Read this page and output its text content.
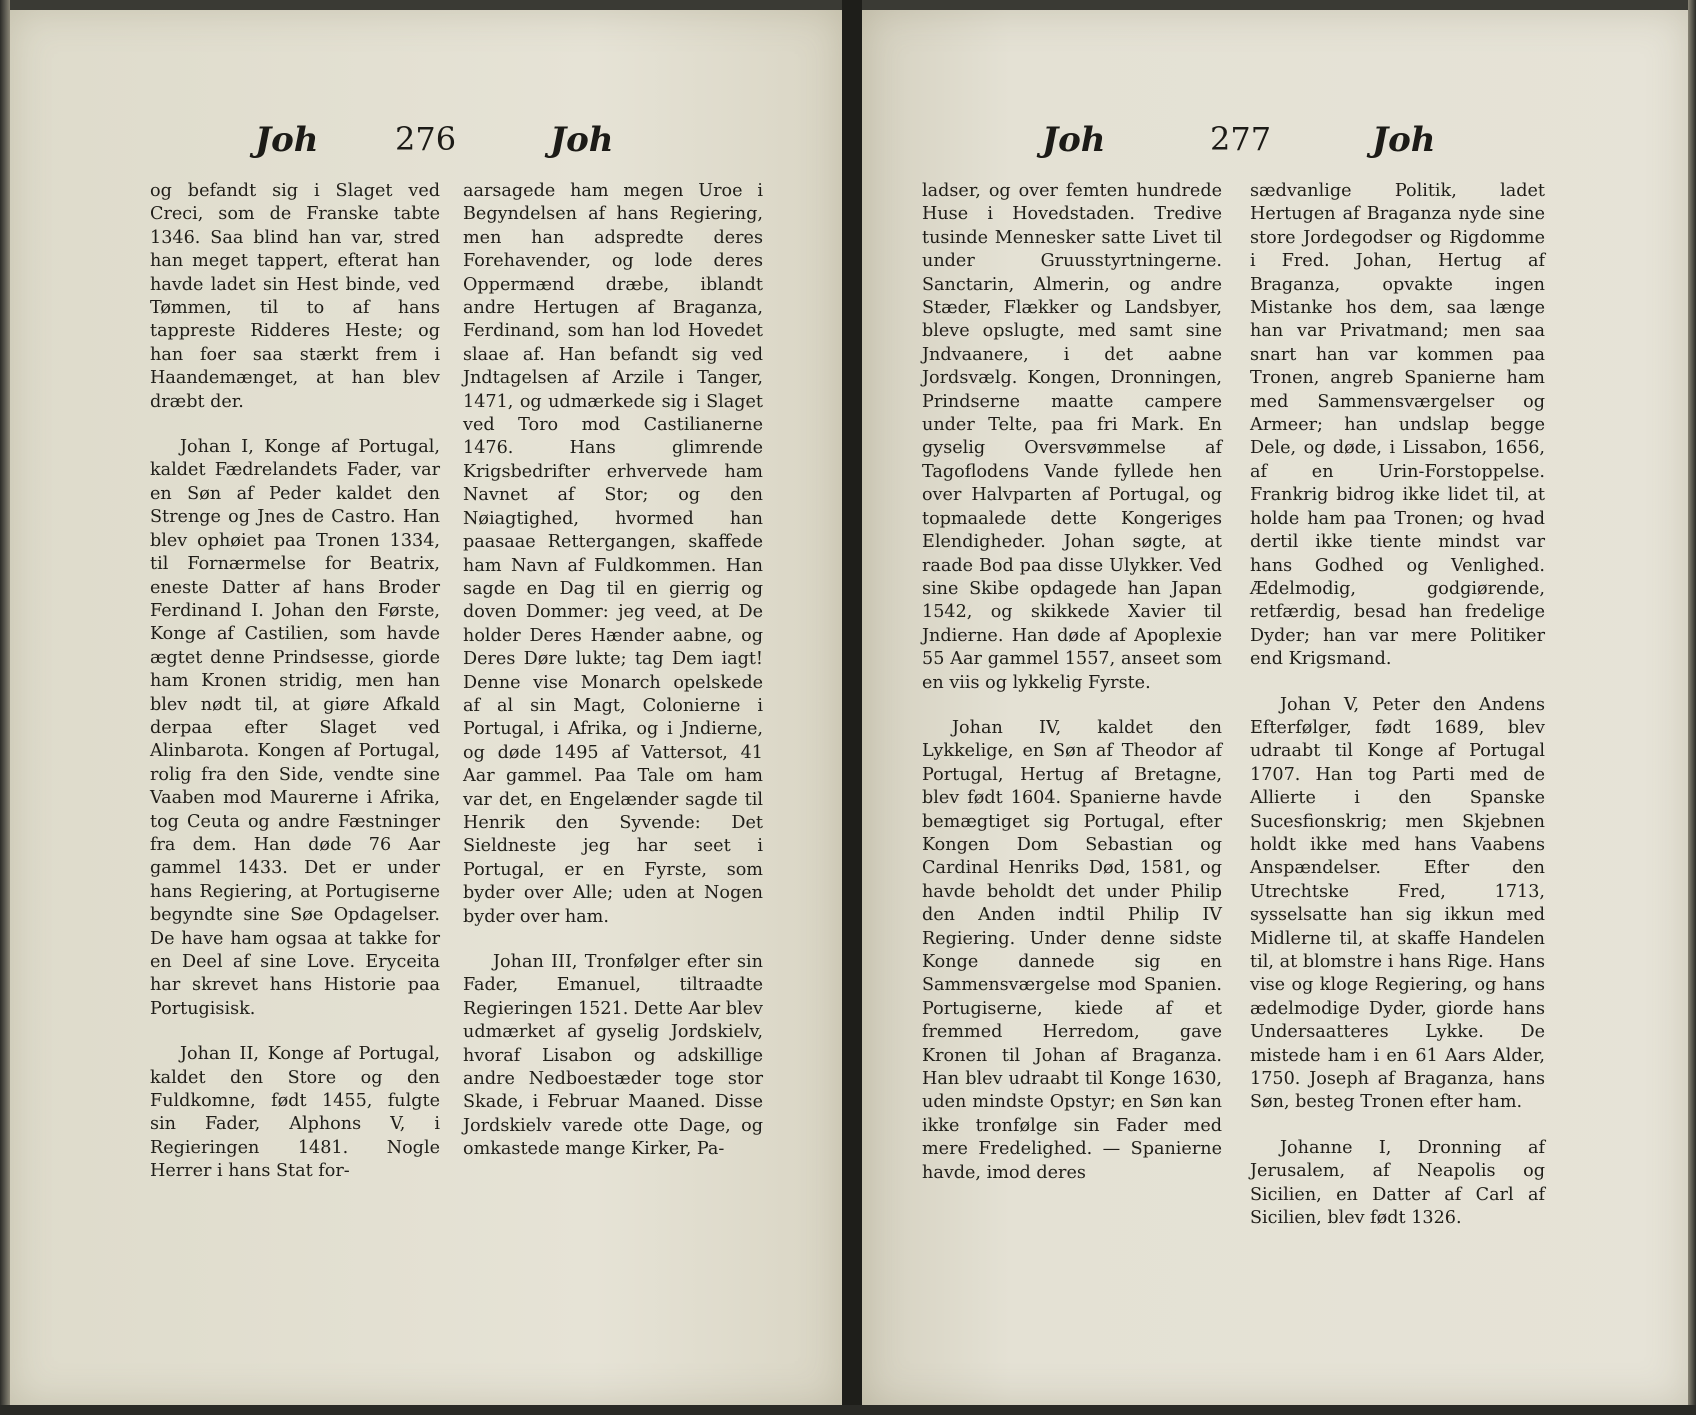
Joh 276	Joh

og befandt sig i Slaget ved Creci, som de Franske tabte 1346. Saa blind han var, stred han meget tappert, efterat han havde ladet sin Hest binde, ved Tømmen, til to af hans tappreste Ridderes Heste; og han foer saa stærkt frem i Haandemænget, at han blev dræbt der.

Johan I, Konge af Portugal, kaldet Fædrelandets Fader, var en Søn af Peder kaldet den Strenge og Jnes de Castro. Han blev ophøiet paa Tronen 1334, til Fornærmelse for Beatrix, eneste Datter af hans Broder Ferdinand I. Johan den Første, Konge af Castilien, som havde ægtet denne Prindsesse, giorde ham Kronen stridig, men han blev nødt til, at giøre Afkald derpaa efter Slaget ved Alinbarota. Kongen af Portugal, rolig fra den Side, vendte sine Vaaben mod Maurerne i Afrika, tog Ceuta og andre Fæstninger fra dem. Han døde 76 Aar gammel 1433. Det er under hans Regiering, at Portugiserne begyndte sine Søe Opdagelser. De have ham ogsaa at takke for en Deel af sine Love. Eryceita har skrevet hans Historie paa Portugisisk.

Johan II, Konge af Portugal, kaldet den Store og den Fuldkomne, født 1455, fulgte sin Fader, Alphons V, i Regieringen 1481. Nogle Herrer i hans Stat for-

aarsagede ham megen Uroe i Begyndelsen af hans Regiering, men han adspredte deres Forehavender, og lode deres Oppermænd dræbe, iblandt andre Hertugen af Braganza, Ferdinand, som han lod Hovedet slaae af. Han befandt sig ved Jndtagelsen af Arzile i Tanger, 1471, og udmærkede sig i Slaget ved Toro mod Castilianerne 1476. Hans glimrende Krigsbedrifter erhvervede ham Navnet af Stor; og den Nøiagtighed, hvormed han paasaae Rettergangen, skaffede ham Navn af Fuldkommen. Han sagde en Dag til en gierrig og doven Dommer: jeg veed, at De holder Deres Hænder aabne, og Deres Døre lukte; tag Dem iagt! Denne vise Monarch opelskede af al sin Magt, Colonierne i Portugal, i Afrika, og i Jndierne, og døde 1495 af Vattersot, 41 Aar gammel. Paa Tale om ham var det, en Engelænder sagde til Henrik den Syvende: Det Sieldneste jeg har seet i Portugal, er en Fyrste, som byder over Alle; uden at Nogen byder over ham.

Johan III, Tronfølger efter sin Fader, Emanuel, tiltraadte Regieringen 1521. Dette Aar blev udmærket af gyselig Jordskielv, hvoraf Lisabon og adskillige andre Nedboestæder toge stor Skade, i Februar Maaned. Disse Jordskielv varede otte Dage, og omkastede mange Kirker, Pa-

Joh	277	Joh

ladser, og over femten hundrede Huse i Hovedstaden. Tredive tusinde Mennesker satte Livet til under Gruusstyrtningerne. Sanctarin, Almerin, og andre Stæder, Flækker og Landsbyer, bleve opslugte, med samt sine Jndvaanere, i det aabne Jordsvælg. Kongen, Dronningen, Prindserne maatte campere under Telte, paa fri Mark. En gyselig Oversvømmelse af Tagoflodens Vande fyllede hen over Halvparten af Portugal, og topmaalede dette Kongeriges Elendigheder. Johan søgte, at raade Bod paa disse Ulykker. Ved sine Skibe opdagede han Japan 1542, og skikkede Xavier til Jndierne. Han døde af Apoplexie 55 Aar gammel 1557, anseet som en viis og lykkelig Fyrste.

Johan IV, kaldet den Lykkelige, en Søn af Theodor af Portugal, Hertug af Bretagne, blev født 1604. Spanierne havde bemægtiget sig Portugal, efter Kongen Dom Sebastian og Cardinal Henriks Død, 1581, og havde beholdt det under Philip den Anden indtil Philip IV Regiering. Under denne sidste Konge dannede sig en Sammensværgelse mod Spanien. Portugiserne, kiede af et fremmed Herredom, gave Kronen til Johan af Braganza. Han blev udraabt til Konge 1630, uden mindste Opstyr; en Søn kan ikke tronfølge sin Fader med mere Fredelighed. — Spanierne havde, imod deres

sædvanlige Politik, ladet Hertugen af Braganza nyde sine store Jordegodser og Rigdomme i Fred. Johan, Hertug af Braganza, opvakte ingen Mistanke hos dem, saa længe han var Privatmand; men saa snart han var kommen paa Tronen, angreb Spanierne ham med Sammensværgelser og Armeer; han undslap begge Dele, og døde, i Lissabon, 1656, af en Urin-Forstoppelse. Frankrig bidrog ikke lidet til, at holde ham paa Tronen; og hvad dertil ikke tiente mindst var hans Godhed og Venlighed. Ædelmodig, godgiørende, retfærdig, besad han fredelige Dyder; han var mere Politiker end Krigsmand.

Johan V, Peter den Andens Efterfølger, født 1689, blev udraabt til Konge af Portugal 1707. Han tog Parti med de Allierte i den Spanske Sucesfionskrig; men Skjebnen holdt ikke med hans Vaabens Anspændelser. Efter den Utrechtske Fred, 1713, sysselsatte han sig ikkun med Midlerne til, at skaffe Handelen til, at blomstre i hans Rige. Hans vise og kloge Regiering, og hans ædelmodige Dyder, giorde hans Undersaatteres Lykke. De mistede ham i en 61 Aars Alder, 1750. Joseph af Braganza, hans Søn, besteg Tronen efter ham.

Johanne I, Dronning af Jerusalem, af Neapolis og Sicilien, en Datter af Carl af Sicilien, blev født 1326.
